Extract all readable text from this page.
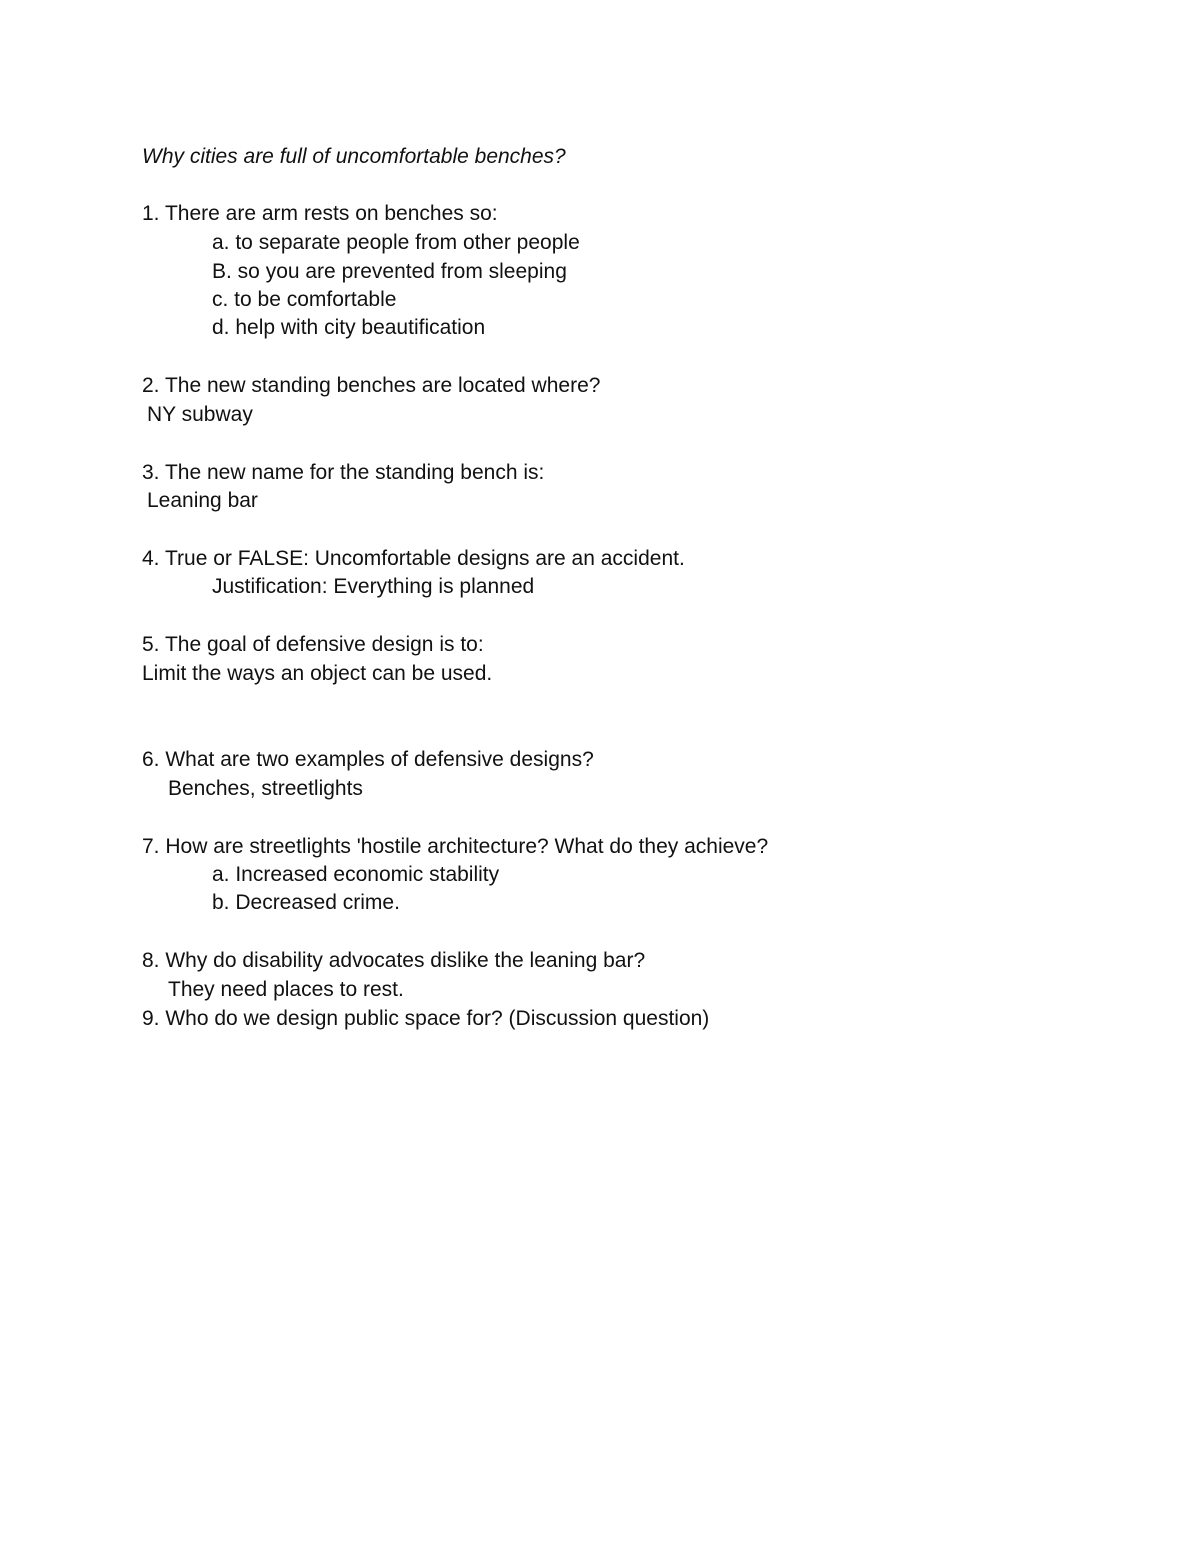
Why cities are full of uncomfortable benches?
1. There are arm rests on benches so:
a. to separate people from other people
B. so you are prevented from sleeping
c. to be comfortable
d. help with city beautification
2. The new standing benches are located where?
NY subway
3. The new name for the standing bench is:
Leaning bar
4. True or FALSE: Uncomfortable designs are an accident.
Justification: Everything is planned
5. The goal of defensive design is to:
Limit the ways an object can be used.
6. What are two examples of defensive designs?
Benches, streetlights
7. How are streetlights 'hostile architecture? What do they achieve?
a. Increased economic stability
b. Decreased crime.
8. Why do disability advocates dislike the leaning bar?
They need places to rest.
9. Who do we design public space for? (Discussion question)
